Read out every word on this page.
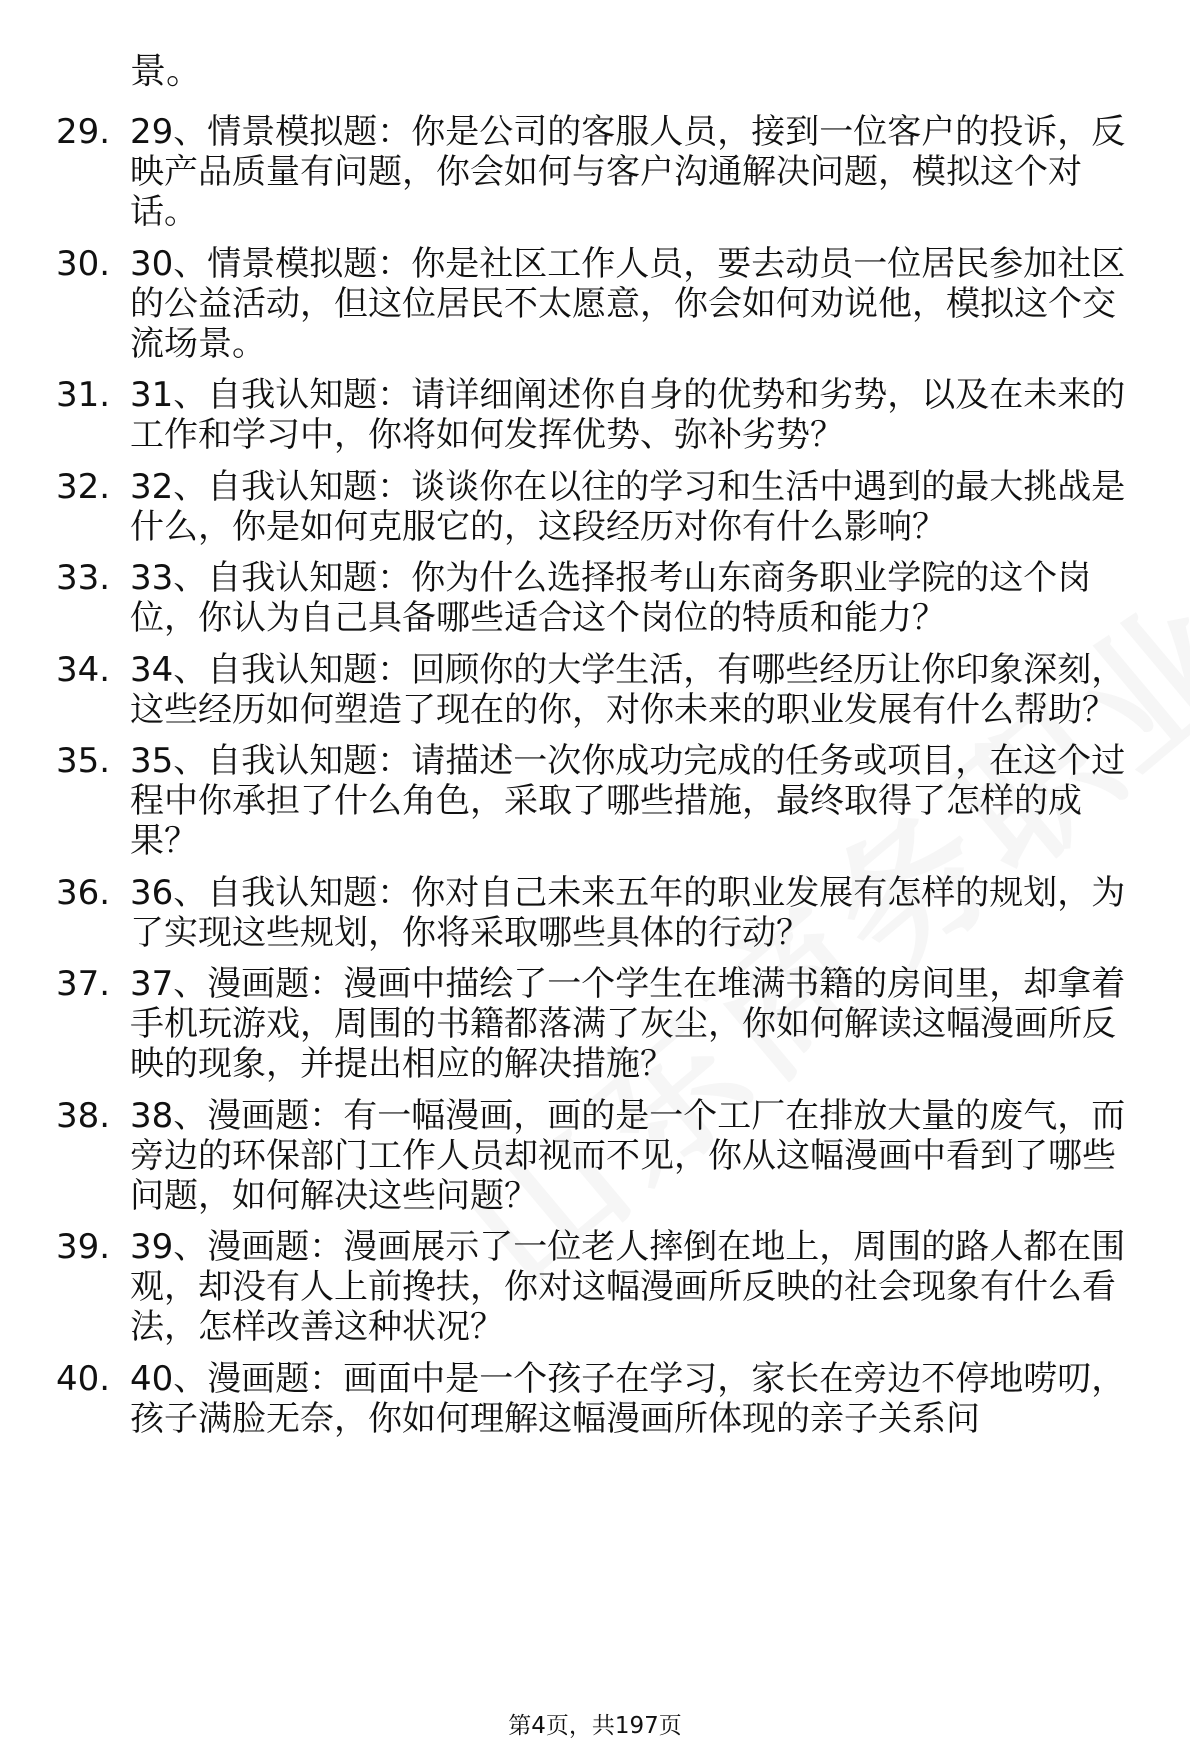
景。
29. 29、情景模拟题：你是公司的客服人员，接到一位客户的投诉，反映产品质量有问题，你会如何与客户沟通解决问题，模拟这个对话。
30. 30、情景模拟题：你是社区工作人员，要去动员一位居民参加社区的公益活动，但这位居民不太愿意，你会如何劝说他，模拟这个交流场景。
31. 31、自我认知题：请详细阐述你自身的优势和劣势，以及在未来的工作和学习中，你将如何发挥优势、弥补劣势？
32. 32、自我认知题：谈谈你在以往的学习和生活中遇到的最大挑战是什么，你是如何克服它的，这段经历对你有什么影响？
33. 33、自我认知题：你为什么选择报考山东商务职业学院的这个岗位，你认为自己具备哪些适合这个岗位的特质和能力？
34. 34、自我认知题：回顾你的大学生活，有哪些经历让你印象深刻，这些经历如何塑造了现在的你，对你未来的职业发展有什么帮助？
35. 35、自我认知题：请描述一次你成功完成的任务或项目，在这个过程中你承担了什么角色，采取了哪些措施，最终取得了怎样的成果？
36. 36、自我认知题：你对自己未来五年的职业发展有怎样的规划，为了实现这些规划，你将采取哪些具体的行动？
37. 37、漫画题：漫画中描绘了一个学生在堆满书籍的房间里，却拿着手机玩游戏，周围的书籍都落满了灰尘，你如何解读这幅漫画所反映的现象，并提出相应的解决措施？
38. 38、漫画题：有一幅漫画，画的是一个工厂在排放大量的废气，而旁边的环保部门工作人员却视而不见，你从这幅漫画中看到了哪些问题，如何解决这些问题？
39. 39、漫画题：漫画展示了一位老人摔倒在地上，周围的路人都在围观，却没有人上前搀扶，你对这幅漫画所反映的社会现象有什么看法，怎样改善这种状况？
40. 40、漫画题：画面中是一个孩子在学习，家长在旁边不停地唠叨，孩子满脸无奈，你如何理解这幅漫画所体现的亲子关系问
第4页，共197页
